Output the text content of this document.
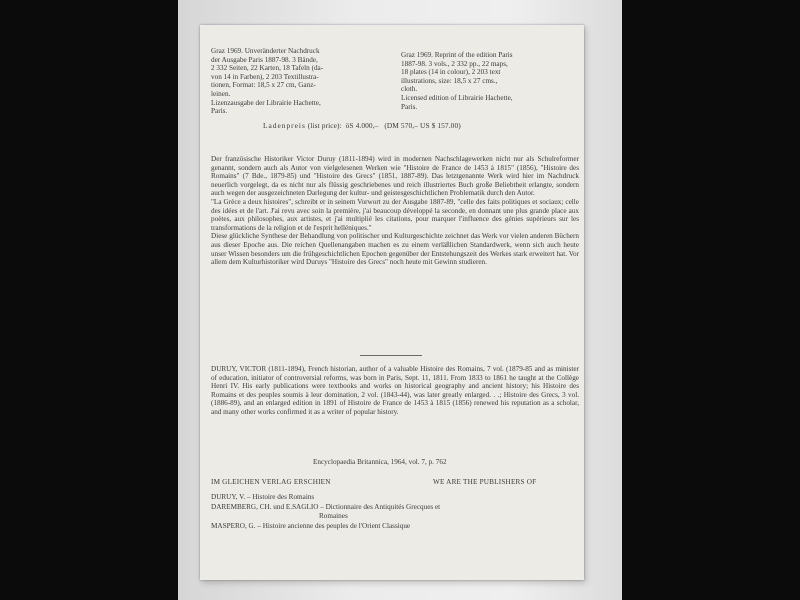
Graz 1969. Unveränderter Nachdruck
der Ausgabe Paris 1887-98. 3 Bände,
2 332 Seiten, 22 Karten, 18 Tafeln (da-
von 14 in Farben), 2 203 Textillustra-
tionen, Format: 18,5 x 27 cm, Ganz-
leinen.
Lizenzausgabe der Librairie Hachette,
Paris.
Graz 1969. Reprint of the edition Paris
1887-98. 3 vols., 2 332 pp., 22 maps,
18 plates (14 in colour), 2 203 text
illustrations, size: 18,5 x 27 cms.,
cloth.
Licensed edition of Librairie Hachette,
Paris.
Ladenpreis (list price): öS 4.000,– (DM 570,– US $ 157.00)

Der französische Historiker Victor Duruy (1811-1894) wird in modernen Nachschlagewerken nicht nur als Schulreformer genannt, sondern auch als Autor von vielgelesenen Werken wie "Histoire de France de 1453 à 1815" (1856), "Histoire des Romains" (7 Bde., 1879-85) und "Histoire des Grecs" (1851, 1887-89). Das letztgenannte Werk wird hier im Nachdruck neuerlich vorgelegt, da es nicht nur als flüssig geschriebenes und reich illustriertes Buch große Beliebtheit erlangte, sondern auch wegen der ausgezeichneten Darlegung der kultur- und geistesgeschichtlichen Problematik durch den Autor.

"La Grèce a deux histoires", schreibt er in seinem Vorwort zu der Ausgabe 1887-89, "celle des faits politiques et sociaux; celle des idées et de l'art. J'ai revu avec soin la première, j'ai beaucoup développé la seconde, en donnant une plus grande place aux poètes, aux philosophes, aux artistes, et j'ai multiplié les citations, pour marquer l'influence des génies supérieurs sur les transformations de la religion et de l'esprit helléniques."

Diese glückliche Synthese der Behandlung von politischer und Kulturgeschichte zeichnet das Werk vor vielen anderen Büchern aus dieser Epoche aus. Die reichen Quellenangaben machen es zu einem verläßlichen Standardwerk, wenn sich auch heute unser Wissen besonders um die frühgeschichtlichen Epochen gegenüber der Entstehungszeit des Werkes stark erweitert hat. Vor allem dem Kulturhistoriker wird Duruys "Histoire des Grecs" noch heute mit Gewinn studieren.

DURUY, VICTOR (1811-1894), French historian, author of a valuable Histoire des Romains, 7 vol. (1879-85 and as minister of education, initiator of controversial reforms, was born in Paris, Sept. 11, 1811. From 1833 to 1861 he taught at the Collège Henri IV. His early publications were textbooks and works on historical geography and ancient history; his Histoire des Romains et des peuples soumis à leur domination, 2 vol. (1843-44), was later greatly enlarged. . .; Histoire des Grecs, 3 vol. (1886-89), and an enlarged edition in 1891 of Histoire de France de 1453 à 1815 (1856) renewed his reputation as a scholar, and many other works confirmed it as a writer of popular history.

Encyclopaedia Britannica, 1964, vol. 7, p. 762
IM GLEICHEN VERLAG ERSCHIEN	WE ARE THE PUBLISHERS OF
DURUY, V. – Histoire des Romains
DAREMBERG, CH. und E.SAGLIO – Dictionnaire des Antiquités Grecques et
Romaines
MASPERO, G. – Histoire ancienne des peuples de l'Orient Classique
